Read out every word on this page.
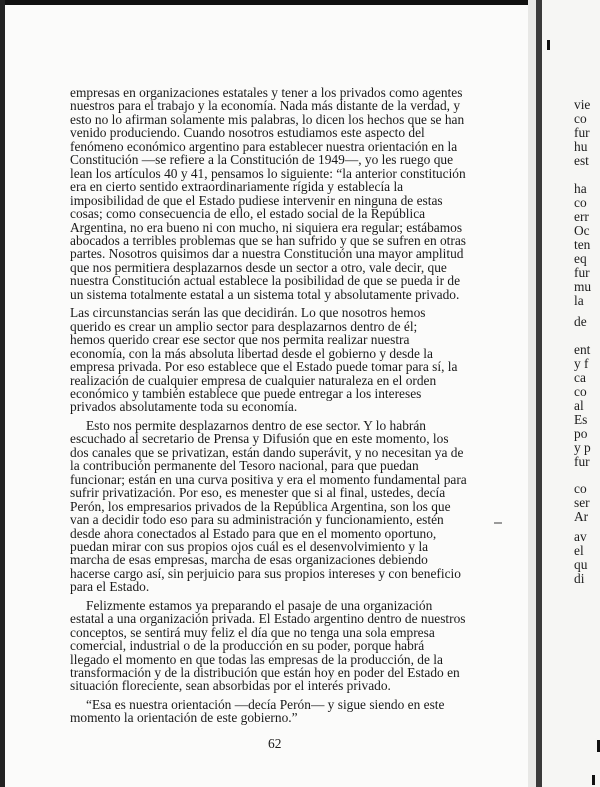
vie
co
fur
hu
est
ha
co
err
Oc
ten
eq
fur
mu
la
de
ent
y f
ca
co
al
Es
po
y p
fur
co
ser
Ar
av
el
qu
di
empresas en organizaciones estatales y tener a los privados como agentes
nuestros para el trabajo y la economía. Nada más distante de la verdad, y
esto no lo afirman solamente mis palabras, lo dicen los hechos que se han
venido produciendo. Cuando nosotros estudiamos este aspecto del
fenómeno económico argentino para establecer nuestra orientación en la
Constitución —se refiere a la Constitución de 1949—, yo les ruego que
lean los artículos 40 y 41, pensamos lo siguiente: “la anterior constitución
era en cierto sentido extraordinariamente rígida y establecía la
imposibilidad de que el Estado pudiese intervenir en ninguna de estas
cosas; como consecuencia de ello, el estado social de la República
Argentina, no era bueno ni con mucho, ni siquiera era regular; estábamos
abocados a terribles problemas que se han sufrido y que se sufren en otras
partes. Nosotros quisimos dar a nuestra Constitución una mayor amplitud
que nos permitiera desplazarnos desde un sector a otro, vale decir, que
nuestra Constitución actual establece la posibilidad de que se pueda ir de
un sistema totalmente estatal a un sistema total y absolutamente privado.
Las circunstancias serán las que decidirán. Lo que nosotros hemos
querido es crear un amplio sector para desplazarnos dentro de él;
hemos querido crear ese sector que nos permita realizar nuestra
economía, con la más absoluta libertad desde el gobierno y desde la
empresa privada. Por eso establece que el Estado puede tomar para sí, la
realización de cualquier empresa de cualquier naturaleza en el orden
económico y también establece que puede entregar a los intereses
privados absolutamente toda su economía.
Esto nos permite desplazarnos dentro de ese sector. Y lo habrán
escuchado al secretario de Prensa y Difusión que en este momento, los
dos canales que se privatizan, están dando superávit, y no necesitan ya de
la contribución permanente del Tesoro nacional, para que puedan
funcionar; están en una curva positiva y era el momento fundamental para
sufrir privatización. Por eso, es menester que si al final, ustedes, decía
Perón, los empresarios privados de la República Argentina, son los que
van a decidir todo eso para su administración y funcionamiento, estén
desde ahora conectados al Estado para que en el momento oportuno,
puedan mirar con sus propios ojos cuál es el desenvolvimiento y la
marcha de esas empresas, marcha de esas organizaciones debiendo
hacerse cargo así, sin perjuicio para sus propios intereses y con beneficio
para el Estado.
Felizmente estamos ya preparando el pasaje de una organización
estatal a una organización privada. El Estado argentino dentro de nuestros
conceptos, se sentirá muy feliz el día que no tenga una sola empresa
comercial, industrial o de la producción en su poder, porque habrá
llegado el momento en que todas las empresas de la producción, de la
transformación y de la distribución que están hoy en poder del Estado en
situación floreciente, sean absorbidas por el interés privado.
“Esa es nuestra orientación —decía Perón— y sigue siendo en este
momento la orientación de este gobierno.”
62
